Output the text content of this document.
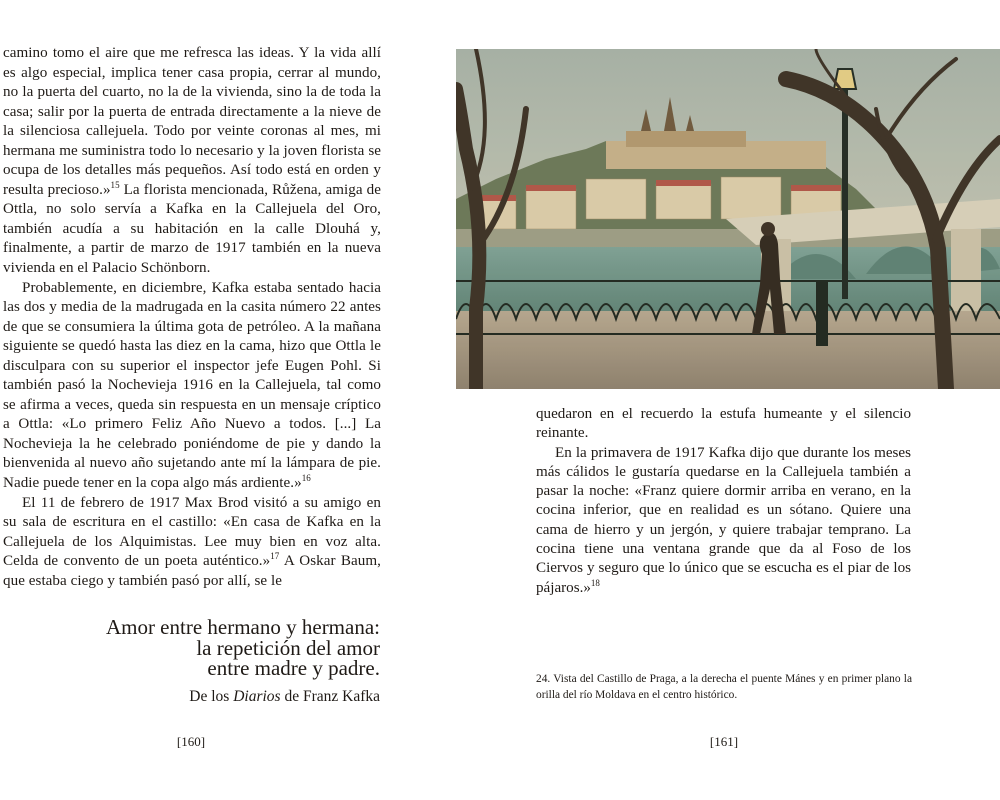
camino tomo el aire que me refresca las ideas. Y la vida allí es algo especial, implica tener casa propia, cerrar al mundo, no la puerta del cuarto, no la de la vivienda, sino la de toda la casa; salir por la puerta de entrada directamente a la nieve de la silenciosa callejuela. Todo por veinte coronas al mes, mi hermana me suministra todo lo necesario y la joven florista se ocupa de los detalles más pequeños. Así todo está en orden y resulta precioso.»$^{15}$ La florista mencionada, Růžena, amiga de Ottla, no solo servía a Kafka en la Callejuela del Oro, también acudía a su habitación en la calle Dlouhá y, finalmente, a partir de marzo de 1917 también en la nueva vivienda en el Palacio Schönborn.

Probablemente, en diciembre, Kafka estaba sentado hacia las dos y media de la madrugada en la casita número 22 antes de que se consumiera la última gota de petróleo. A la mañana siguiente se quedó hasta las diez en la cama, hizo que Ottla le disculpara con su superior el inspector jefe Eugen Pohl. Si también pasó la Nochevieja 1916 en la Callejuela, tal como se afirma a veces, queda sin respuesta en un mensaje críptico a Ottla: «Lo primero Feliz Año Nuevo a todos. [...] La Nochevieja la he celebrado poniéndome de pie y dando la bienvenida al nuevo año sujetando ante mí la lámpara de pie. Nadie puede tener en la copa algo más ardiente.»$^{16}$

El 11 de febrero de 1917 Max Brod visitó a su amigo en su sala de escritura en el castillo: «En casa de Kafka en la Callejuela de los Alquimistas. Lee muy bien en voz alta. Celda de convento de un poeta auténtico.»$^{17}$ A Oskar Baum, que estaba ciego y también pasó por allí, se le

Amor entre hermano y hermana:
la repetición del amor
entre madre y padre.
De los Diarios de Franz Kafka
[160]

quedaron en el recuerdo la estufa humeante y el silencio reinante.

En la primavera de 1917 Kafka dijo que durante los meses más cálidos le gustaría quedarse en la Callejuela también a pasar la noche: «Franz quiere dormir arriba en verano, en la cocina inferior, que en realidad es un sótano. Quiere una cama de hierro y un jergón, y quiere trabajar temprano. La cocina tiene una ventana grande que da al Foso de los Ciervos y seguro que lo único que se escucha es el piar de los pájaros.»$^{18}$

24. Vista del Castillo de Praga, a la derecha el puente Mánes y en primer plano la orilla del río Moldava en el centro histórico.
[161]
